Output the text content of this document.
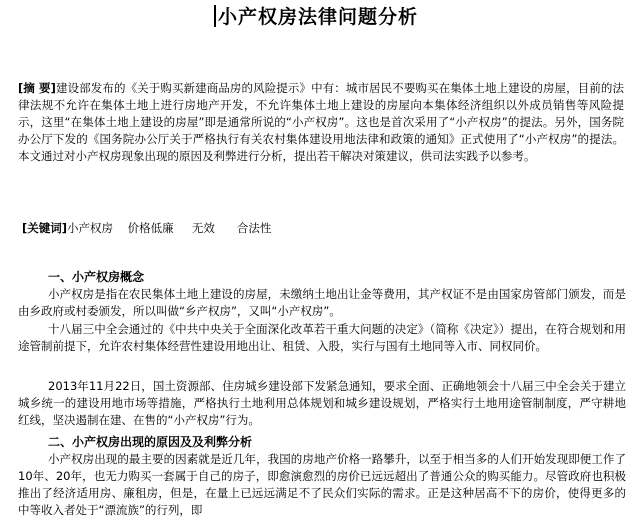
小产权房法律问题分析
[摘 要]建设部发布的《关于购买新建商品房的风险提示》中有：城市居民不要购买在集体土地上建设的房屋，目前的法律法规不允许在集体土地上进行房地产开发，不允许集体土地上建设的房屋向本集体经济组织以外成员销售等风险提示，这里“在集体土地上建设的房屋”即是通常所说的“小产权房”。这也是首次采用了“小产权房”的提法。另外，国务院办公厅下发的《国务院办公厅关于严格执行有关农村集体建设用地法律和政策的通知》正式使用了“小产权房”的提法。本文通过对小产权房现象出现的原因及利弊进行分析，提出若干解决对策建议，供司法实践予以参考。
[关键词]小产权房 价格低廉 无效 合法性
一、小产权房概念
小产权房是指在农民集体土地上建设的房屋，未缴纳土地出让金等费用，其产权证不是由国家房管部门颁发，而是由乡政府或村委颁发，所以叫做“乡产权房”，又叫“小产权房”。
十八届三中全会通过的《中共中央关于全面深化改革若干重大问题的决定》（简称《决定》）提出，在符合规划和用途管制前提下，允许农村集体经营性建设用地出让、租赁、入股，实行与国有土地同等入市、同权同价。
2013年11月22日，国土资源部、住房城乡建设部下发紧急通知，要求全面、正确地领会十八届三中全会关于建立城乡统一的建设用地市场等措施，严格执行土地利用总体规划和城乡建设规划，严格实行土地用途管制制度，严守耕地红线，坚决遏制在建、在售的“小产权房”行为。
二、小产权房出现的原因及及利弊分析
小产权房出现的最主要的因素就是近几年，我国的房地产价格一路攀升，以至于相当多的人们开始发现即便工作了10年、20年，也无力购买一套属于自己的房子，即愈演愈烈的房价已远远超出了普通公众的购买能力。尽管政府也积极推出了经济适用房、廉租房，但是，在量上已远远满足不了民众们实际的需求。正是这种居高不下的房价，使得更多的中等收入者处于“漂流族”的行列，即
